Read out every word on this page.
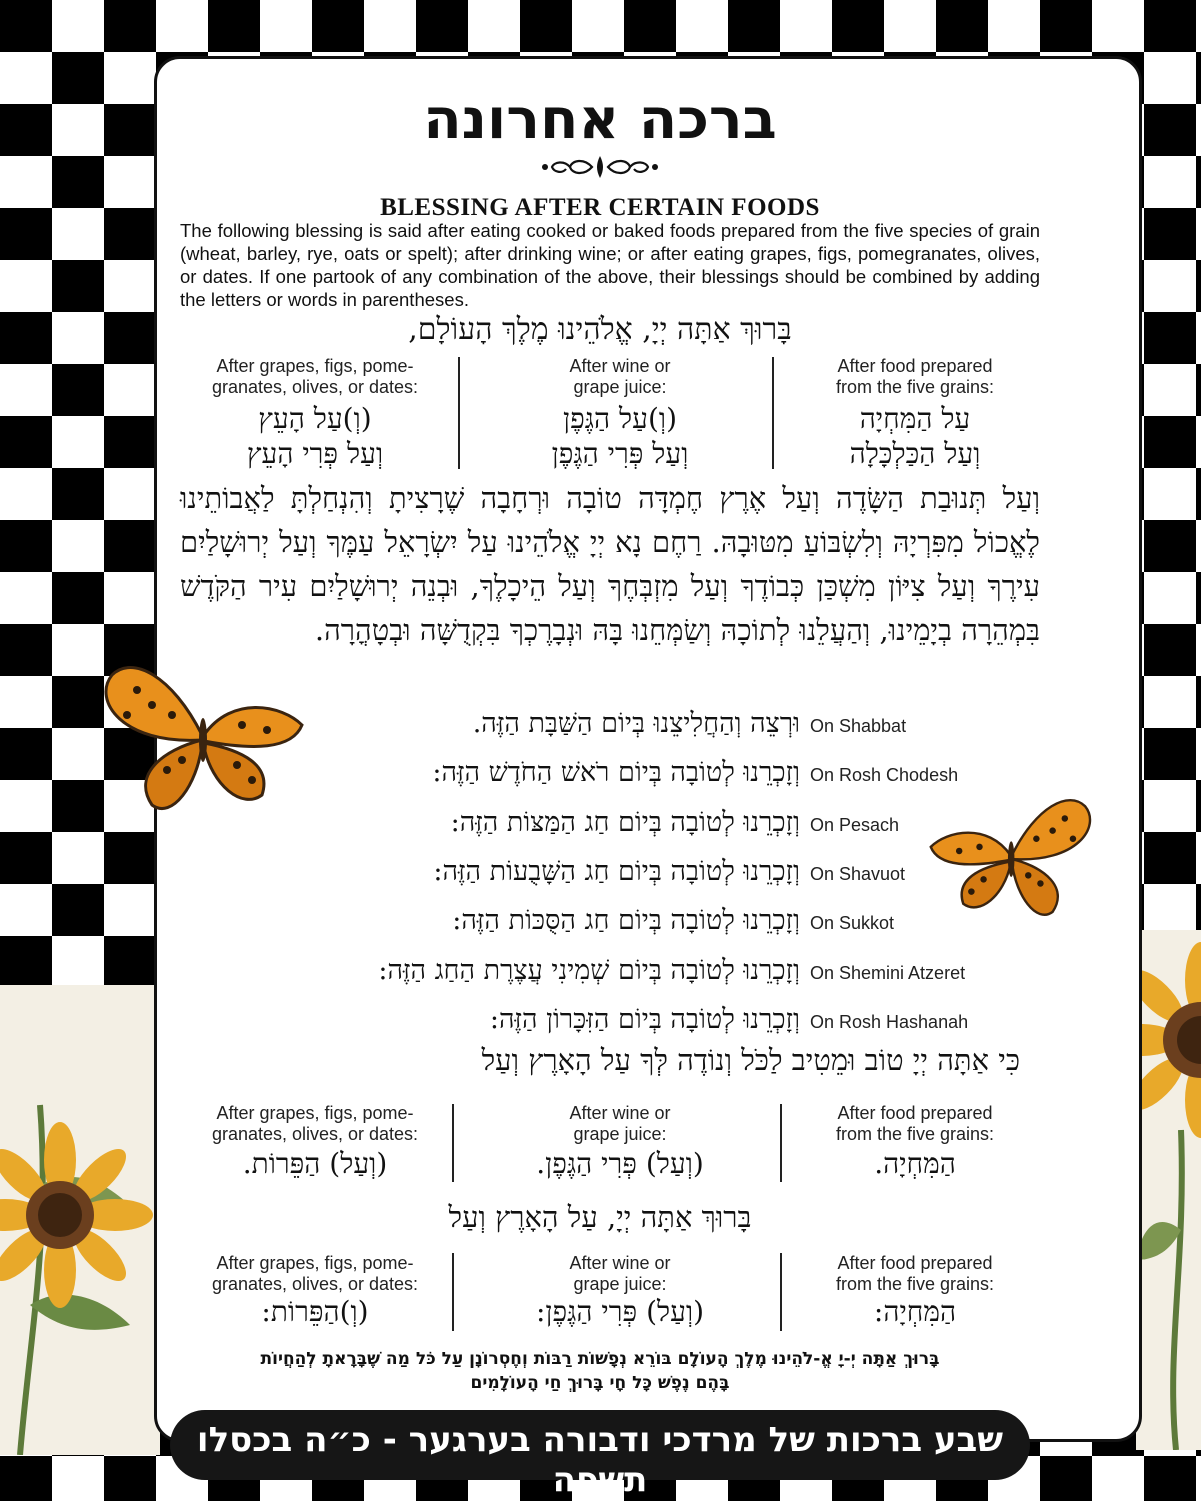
ברכה אחרונה
BLESSING AFTER CERTAIN FOODS
The following blessing is said after eating cooked or baked foods prepared from the five species of grain (wheat, barley, rye, oats or spelt); after drinking wine; or after eating grapes, figs, pomegranates, olives, or dates. If one partook of any combination of the above, their blessings should be combined by adding the letters or words in parentheses.
בָּרוּךְ אַתָּה יְיָ, אֱלֹהֵינוּ מֶלֶךְ הָעוֹלָם,
After food prepared
from the five grains:
עַל הַמִּחְיָה
וְעַל הַכַּלְכָּלָה
After wine or
grape juice:
(וְ)עַל הַגֶּפֶן
וְעַל פְּרִי הַגֶּפֶן
After grapes, figs, pome-
granates, olives, or dates:
(וְ)עַל הָעֵץ
וְעַל פְּרִי הָעֵץ
וְעַל תְּנוּבַת הַשָּׂדֶה וְעַל אֶרֶץ חֶמְדָּה טוֹבָה וּרְחָבָה שֶׁרָצִיתָ וְהִנְחַלְתָּ לַאֲבוֹתֵינוּ לֶאֱכוֹל מִפִּרְיָהּ וְלִשְׂבּוֹעַ מִטּוּבָהּ. רַחֶם נָא יְיָ אֱלֹהֵינוּ עַל יִשְׂרָאֵל עַמֶּךָ וְעַל יְרוּשָׁלַיִם עִירֶךָ וְעַל צִיּוֹן מִשְׁכַּן כְּבוֹדֶךָ וְעַל מִזְבְּחֶךָ וְעַל הֵיכָלֶךָ, וּבְנֵה יְרוּשָׁלַיִם עִיר הַקֹּדֶשׁ בִּמְהֵרָה בְיָמֵינוּ, וְהַעֲלֵנוּ לְתוֹכָהּ וְשַׂמְּחֵנוּ בָּהּ וּנְבָרֶכְךָ בִּקְדֻשָּׁה וּבְטָהֳרָה.
On Shabbat
וּרְצֵה וְהַחֲלִיצֵנוּ בְּיוֹם הַשַּׁבָּת הַזֶּה.
On Rosh Chodesh
וְזָכְרֵנוּ לְטוֹבָה בְּיוֹם רֹאשׁ הַחֹדֶשׁ הַזֶּה:
On Pesach
וְזָכְרֵנוּ לְטוֹבָה בְּיוֹם חַג הַמַּצּוֹת הַזֶּה:
On Shavuot
וְזָכְרֵנוּ לְטוֹבָה בְּיוֹם חַג הַשָּׁבֻעוֹת הַזֶּה:
On Sukkot
וְזָכְרֵנוּ לְטוֹבָה בְּיוֹם חַג הַסֻּכּוֹת הַזֶּה:
On Shemini Atzeret
וְזָכְרֵנוּ לְטוֹבָה בְּיוֹם שְׁמִינִי עֲצֶרֶת הַחַג הַזֶּה:
On Rosh Hashanah
וְזָכְרֵנוּ לְטוֹבָה בְּיוֹם הַזִּכָּרוֹן הַזֶּה:
כִּי אַתָּה יְיָ טוֹב וּמֵטִיב לַכֹּל וְנוֹדֶה לְּךָ עַל הָאָרֶץ וְעַל
After food prepared
from the five grains:
הַמִּחְיָה.
After wine or
grape juice:
(וְעַל) פְּרִי הַגֶּפֶן.
After grapes, figs, pome-
granates, olives, or dates:
(וְעַל) הַפֵּרוֹת.
בָּרוּךְ אַתָּה יְיָ, עַל הָאָרֶץ וְעַל
After food prepared
from the five grains:
הַמִּחְיָה:
After wine or
grape juice:
(וְעַל) פְּרִי הַגֶּפֶן:
After grapes, figs, pome-
granates, olives, or dates:
(וְ)הַפֵּרוֹת:
בָּרוּךְ אַתָּה יְ-יָ אֱ-לֹהֵינוּ מֶלֶךְ הָעוֹלָם בּוֹרֵא נְפָשׁוֹת רַבּוֹת וְחֶסְרוֹנָן עַל כֹּל מַה שֶׁבָּרָאתָ לְהַחֲיוֹת
בָּהֶם נֶפֶשׁ כָּל חָי בָּרוּךְ חַי הָעוֹלָמִים
שבע ברכות של מרדכי ודבורה בערגער - כ״ה בכסלו תשפה
